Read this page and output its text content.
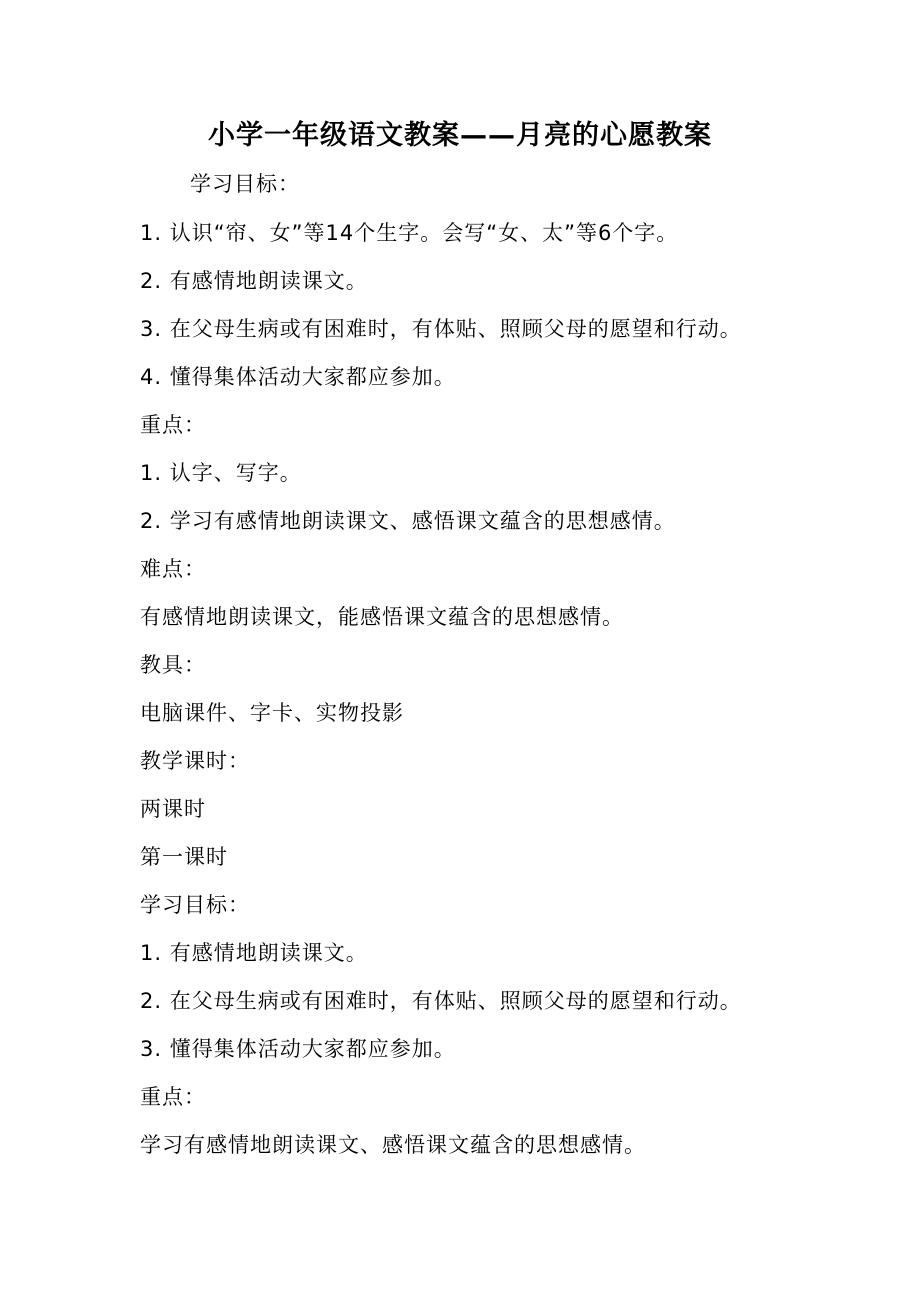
小学一年级语文教案——月亮的心愿教案
学习目标：
1. 认识“帘、女”等14个生字。会写“女、太”等6个字。
2. 有感情地朗读课文。
3. 在父母生病或有困难时，有体贴、照顾父母的愿望和行动。
4. 懂得集体活动大家都应参加。
重点：
1. 认字、写字。
2. 学习有感情地朗读课文、感悟课文蕴含的思想感情。
难点：
有感情地朗读课文，能感悟课文蕴含的思想感情。
教具：
电脑课件、字卡、实物投影
教学课时：
两课时
第一课时
学习目标：
1. 有感情地朗读课文。
2. 在父母生病或有困难时，有体贴、照顾父母的愿望和行动。
3. 懂得集体活动大家都应参加。
重点：
学习有感情地朗读课文、感悟课文蕴含的思想感情。
